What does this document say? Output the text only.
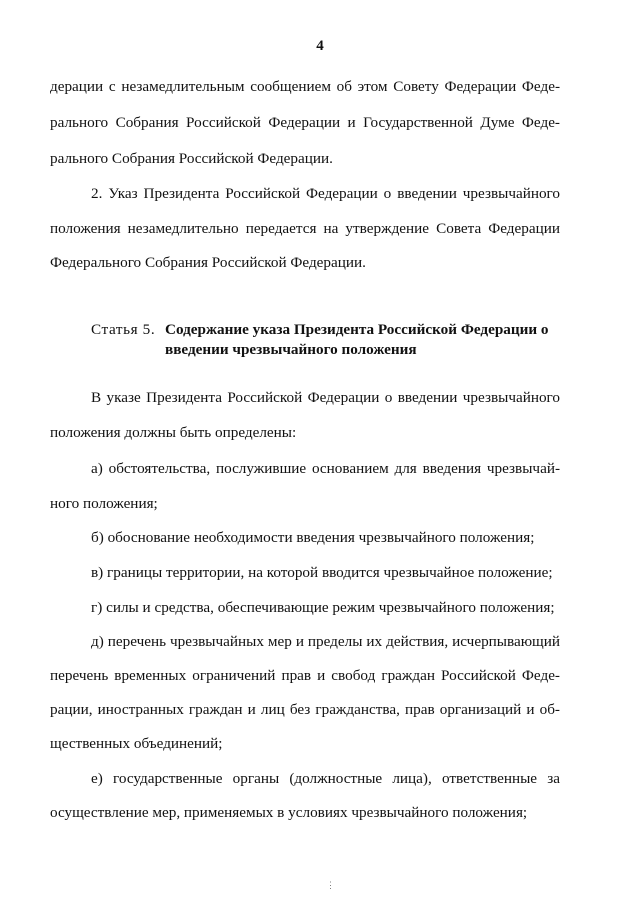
4
дерации с незамедлительным сообщением об этом Совету Федерации Феде-
рального Собрания Российской Федерации и Государственной Думе Феде-
рального Собрания Российской Федерации.
2. Указ Президента Российской Федерации о введении чрезвычайного
положения незамедлительно передается на утверждение Совета Федерации
Федерального Собрания Российской Федерации.
Статья 5. Содержание указа Президента Российской Федерации о
введении чрезвычайного положения
В указе Президента Российской Федерации о введении чрезвычайного
положения должны быть определены:
а) обстоятельства, послужившие основанием для введения чрезвычай-
ного положения;
б) обоснование необходимости введения чрезвычайного положения;
в) границы территории, на которой вводится чрезвычайное положение;
г) силы и средства, обеспечивающие режим чрезвычайного положения;
д) перечень чрезвычайных мер и пределы их действия, исчерпывающий
перечень временных ограничений прав и свобод граждан Российской Феде-
рации, иностранных граждан и лиц без гражданства, прав организаций и об-
щественных объединений;
е) государственные органы (должностные лица), ответственные за
осуществление мер, применяемых в условиях чрезвычайного положения;
⋮
